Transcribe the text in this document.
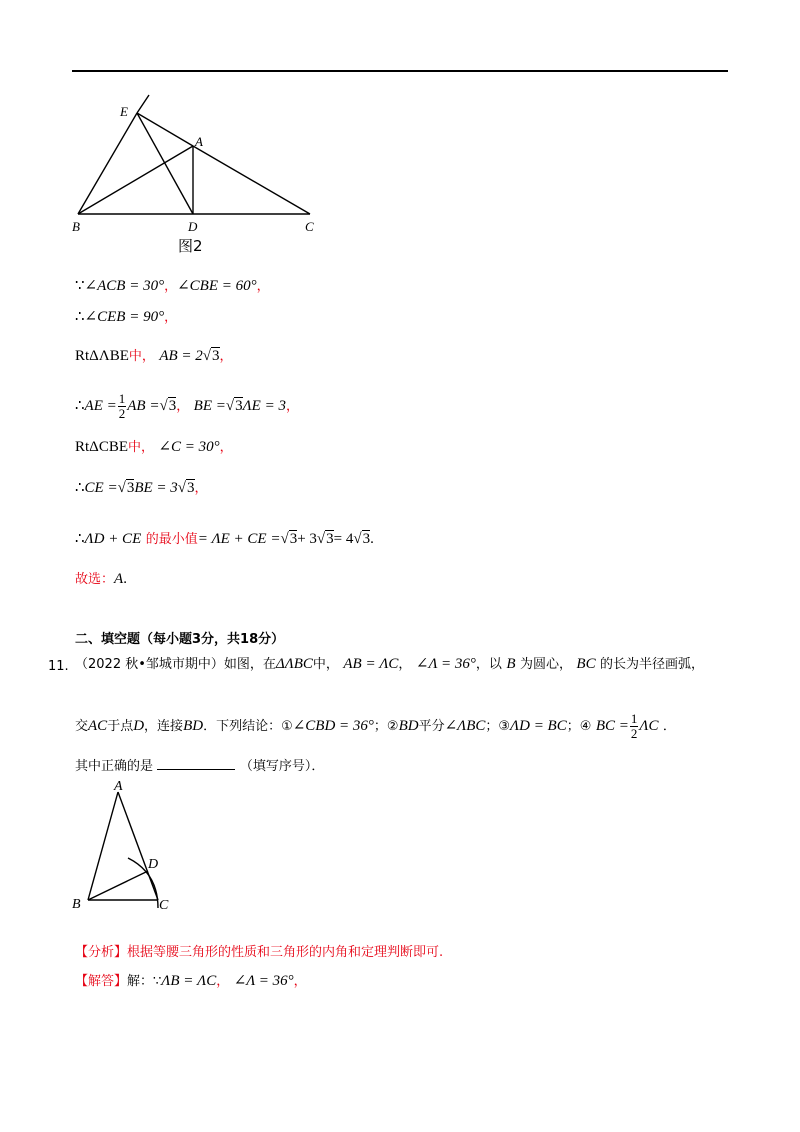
E
A
B	D	C
图2
∵∠ACB = 30°，∠CBE = 60°，
∴∠CEB = 90°，
RtΔΛBE中， AB = 2√3，
∴AE = $\frac{1}{2}$ AB =√3， BE =√3ΛE = 3，
RtΔCBE中， ∠C = 30°，
∴CE =√3BE = 3√3，
∴ΛD + CE 的最小值= ΛE + CE =√3+ 3√3= 4√3.
故选：A.
二、填空题（每小题3分，共18分）
11. （2022 秋•邹城市期中）如图，在ΔΛBC中， AB = ΛC， ∠Λ = 36°，以 B 为圆心， BC 的长为半径画弧，
交AC于点D，连接BD．下列结论：①∠CBD = 36°；②BD平分∠ΛBC；③ΛD = BC；④ BC = $\frac{1}{2}$ ΛC ．
其中正确的是	（填写序号）．
A
B	C
D
【分析】根据等腰三角形的性质和三角形的内角和定理判断即可.
【解答】解：∵ΛB = ΛC， ∠Λ = 36°，
